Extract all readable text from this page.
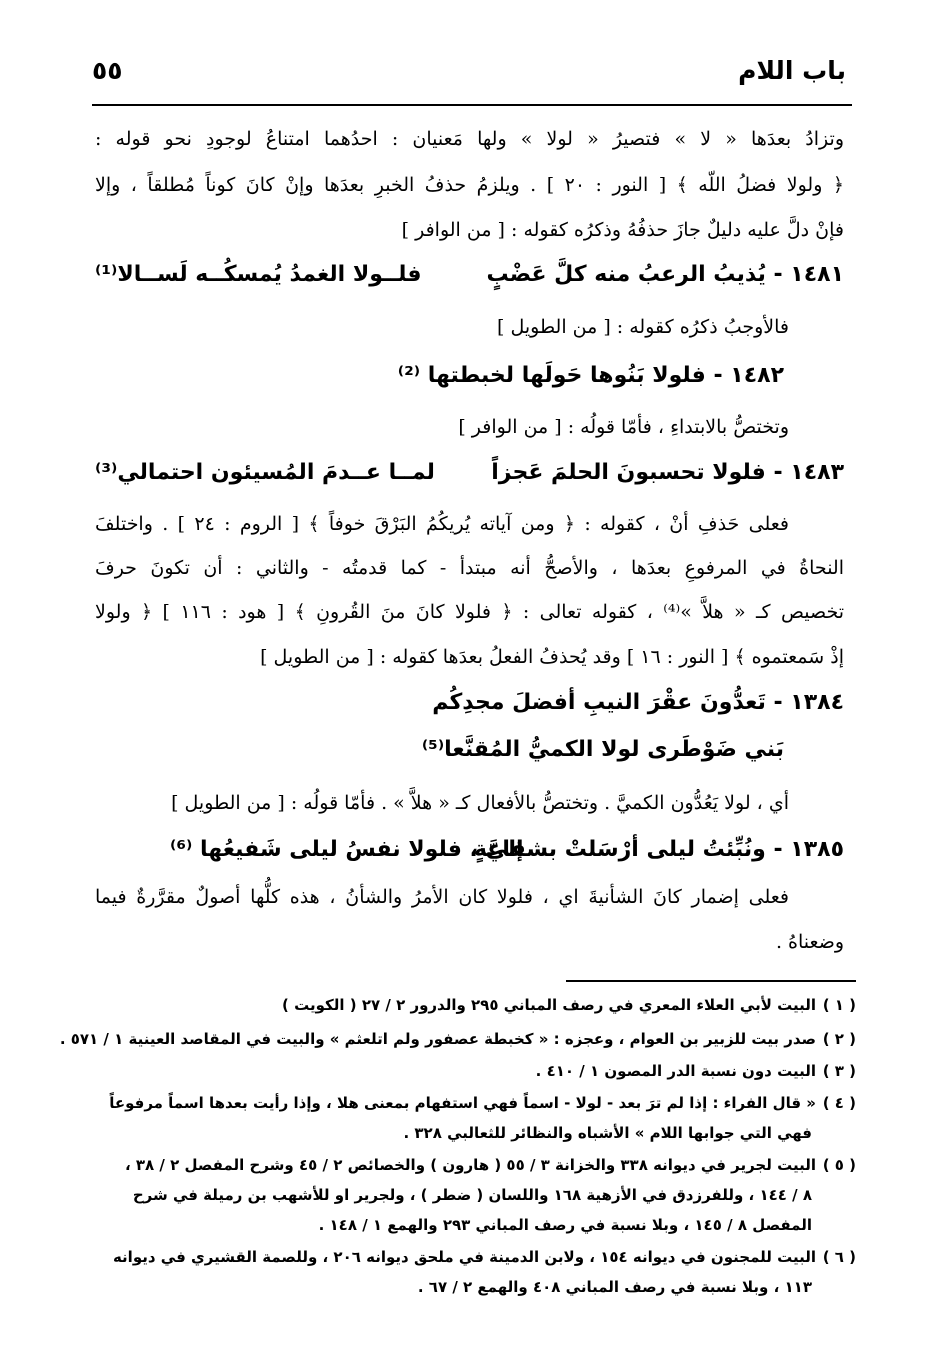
باب اللام
٥٥
وتزادُ بعدَها « لا » فتصيرُ « لولا » ولها مَعنيان : احدُهما امتناعُ لوجودِ نحو قوله :
﴿ ولولا فضلُ اللّه ﴾ [ النور : ٢٠ ] . ويلزمُ حذفُ الخبرِ بعدَها وإنْ كانَ كوناً مُطلقاً ، وإلا
فإنْ دلَّ عليه دليلٌ جازَ حذفُهُ وذكرُه كقوله : [ من الوافر ]
١٤٨١ - يُذيبُ الرعبُ منه كلَّ عَضْبٍ
فلــولا الغمدُ يُمسكُــه لَســالا⁽¹⁾
فالأوجبُ ذكرُه كقوله : [ من الطويل ]
١٤٨٢ - فلولا بَنُوها حَولَها لخبطتها ⁽²⁾
وتختصُّ بالابتداءِ ، فأمّا قولُه : [ من الوافر ]
١٤٨٣ - فلولا تحسبونَ الحلمَ عَجزاً
لمــا عــدمَ المُسيئون احتمالي⁽³⁾
فعلى حَذفِ أنْ ، كقوله : ﴿ ومن آياته يُريكُمُ البَرْقَ خوفاً ﴾ [ الروم : ٢٤ ] . واختلفَ
النحاةُ في المرفوعِ بعدَها ، والأصحُّ أنه مبتدأ - كما قدمتُه - والثاني : أن تكونَ حرفَ
تخصيص كـ « هلاَّ »⁽⁴⁾ ، كقوله تعالى : ﴿ فلولا كانَ منَ القُرونِ ﴾ [ هود : ١١٦ ] ﴿ ولولا
إذْ سَمعتموه ﴾ [ النور : ١٦ ] وقد يُحذفُ الفعلُ بعدَها كقوله : [ من الطويل ]
١٣٨٤ - تَعدُّونَ عقْرَ النيبِ أفضلَ مجدِكُم
بَني ضَوْطَرى لولا الكميُّ المُقنَّعا⁽⁵⁾
أي ، لولا يَعُدُّون الكميَّ . وتختصُّ بالأفعال كـ « هلاَّ » . فأمّا قولُه : [ من الطويل ]
١٣٨٥ - ونُبِّئتُ ليلى أرْسَلتْ بشفاعةٍ
إليَّ ، فلولا نفسُ ليلى شَفيعُها ⁽⁶⁾
فعلى إضمار كانَ الشأنيةَ اي ، فلولا كان الأمرُ والشأنُ ، هذه كلُّها أصولٌ مقرَّرةٌ فيما
وضعناهُ .
( ١ )البيت لأبي العلاء المعري في رصف المباني ٢٩٥ والدرور ٢ / ٢٧ ( الكويت )
( ٢ )صدر بيت للزبير بن العوام ، وعجزه : « كخبطة عصفور ولم اتلعثم » والبيت في المقاصد العينية ١ / ٥٧١ .
( ٣ )البيت دون نسبة الدر المصون ١ / ٤١٠ .
( ٤ )« قال الفراء : إذا لم ترَ بعد - لولا - اسماً فهي استفهام بمعنى هلا ، وإذا رأيت بعدها اسماً مرفوعاً
فهي التي جوابها اللام » الأشباه والنظائر للثعالبي ٣٢٨ .
( ٥ )البيت لجرير في ديوانه ٣٣٨ والخزانة ٣ / ٥٥ ( هارون ) والخصائص ٢ / ٤٥ وشرح المفصل ٢ / ٣٨ ،
٨ / ١٤٤ ، وللفرزدق في الأزهية ١٦٨ واللسان ( ضطر ) ، ولجرير او للأشهب بن رميلة في شرح
المفصل ٨ / ١٤٥ ، وبلا نسبة في رصف المباني ٢٩٣ والهمع ١ / ١٤٨ .
( ٦ )البيت للمجنون في ديوانه ١٥٤ ، ولابن الدمينة في ملحق ديوانه ٢٠٦ ، وللصمة القشيري في ديوانه
١١٣ ، وبلا نسبة في رصف المباني ٤٠٨ والهمع ٢ / ٦٧ .
